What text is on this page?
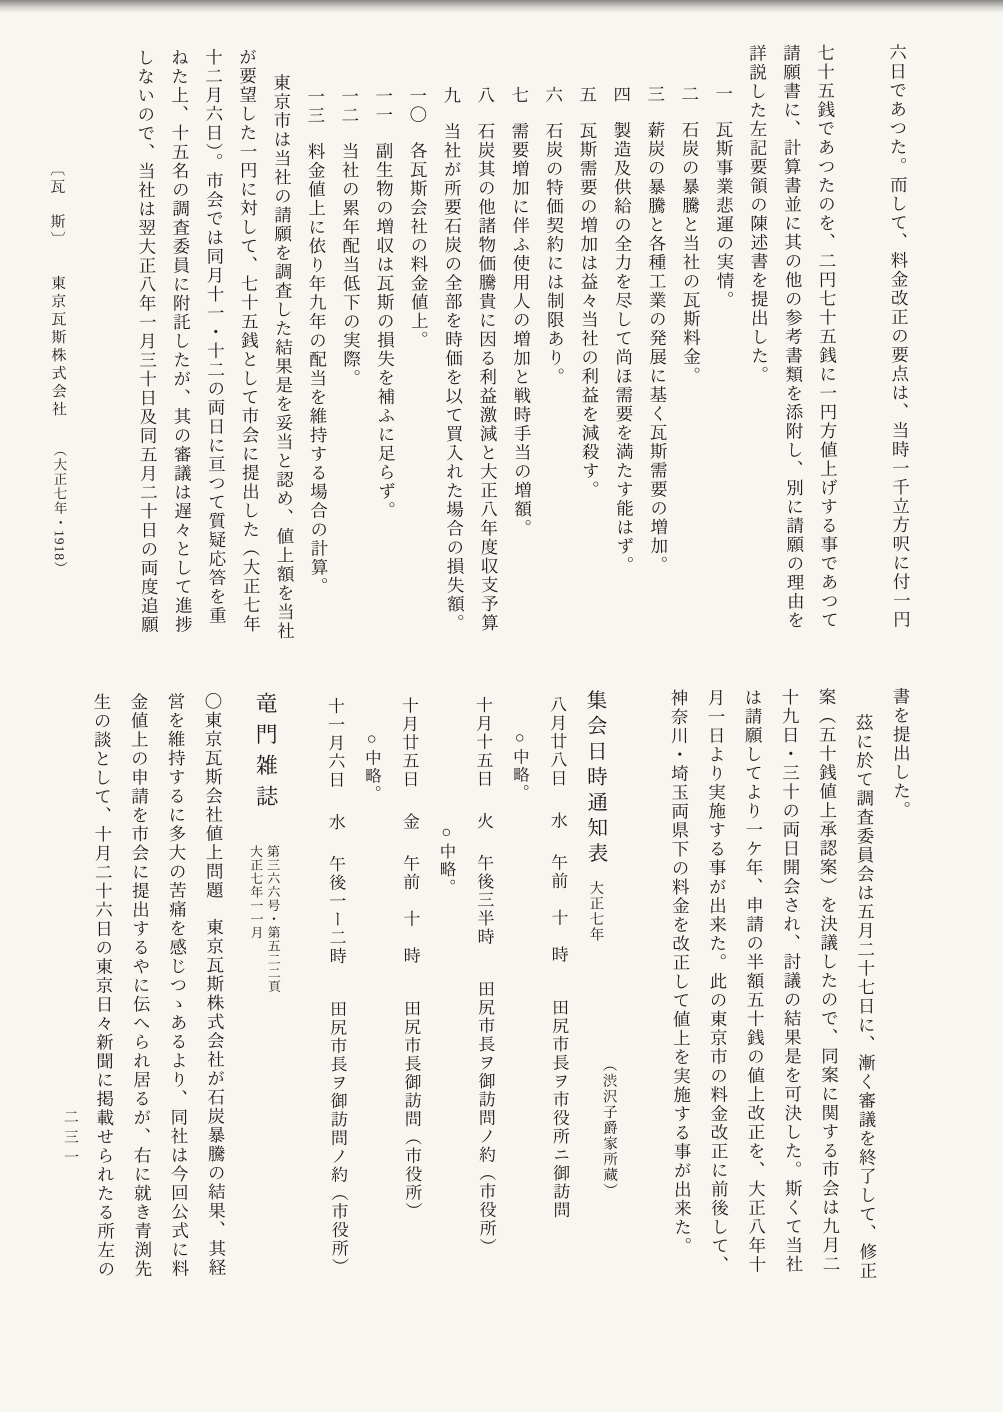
六日であつた。而して、料金改正の要点は、当時一千立方呎に付一円
七十五銭であつたのを、二円七十五銭に一円方値上げする事であつて
請願書に、計算書並に其の他の参考書類を添附し、別に請願の理由を
詳説した左記要領の陳述書を提出した。
一瓦斯事業悲運の実情。
二石炭の暴騰と当社の瓦斯料金。
三薪炭の暴騰と各種工業の発展に基く瓦斯需要の増加。
四製造及供給の全力を尽して尚ほ需要を満たす能はず。
五瓦斯需要の増加は益々当社の利益を減殺す。
六石炭の特価契約には制限あり。
七需要増加に伴ふ使用人の増加と戦時手当の増額。
八石炭其の他諸物価騰貴に因る利益激減と大正八年度収支予算
九当社が所要石炭の全部を時価を以て買入れた場合の損失額。
一〇各瓦斯会社の料金値上。
一一副生物の増収は瓦斯の損失を補ふに足らず。
一二当社の累年配当低下の実際。
一三料金値上に依り年九年の配当を維持する場合の計算。
東京市は当社の請願を調査した結果是を妥当と認め、値上額を当社
が要望した一円に対して、七十五銭として市会に提出した（大正七年
十二月六日）。市会では同月十一・十二の両日に亘つて質疑応答を重
ねた上、十五名の調査委員に附託したが、其の審議は遅々として進捗
しないので、当社は翌大正八年一月三十日及同五月二十日の両度追願
〔瓦　斯〕東京瓦斯株式会社（大正七年・1918）
書を提出した。
茲に於て調査委員会は五月二十七日に、漸く審議を終了して、修正
案（五十銭値上承認案）を決議したので、同案に関する市会は九月二
十九日・三十の両日開会され、討議の結果是を可決した。斯くて当社
は請願してより一ケ年、申請の半額五十銭の値上改正を、大正八年十
月一日より実施する事が出来た。此の東京市の料金改正に前後して、
神奈川・埼玉両県下の料金を改正して値上を実施する事が出来た。
集会日時通知表大正七年
八月廿八日水午前　十　時田尻市長ヲ市役所ニ御訪問
○中略。
十月十五日火午後三半時田尻市長ヲ御訪問ノ約（市役所）
○中略。
十月廿五日金午前　十　時田尻市長御訪問（市役所）
○中略。
十一月六日水午後一ー二時田尻市長ヲ御訪問ノ約（市役所）
竜門雑誌
〇東京瓦斯会社値上問題東京瓦斯株式会社が石炭暴騰の結果、其経
営を維持するに多大の苦痛を感じつゝあるより、同社は今回公式に料
金値上の申請を市会に提出するやに伝へられ居るが、右に就き青渕先
生の談として、十月二十六日の東京日々新聞に掲載せられたる所左の	（渋沢子爵家所蔵）
第三六六号・第五二二頁
大正七年一一月
二三一
